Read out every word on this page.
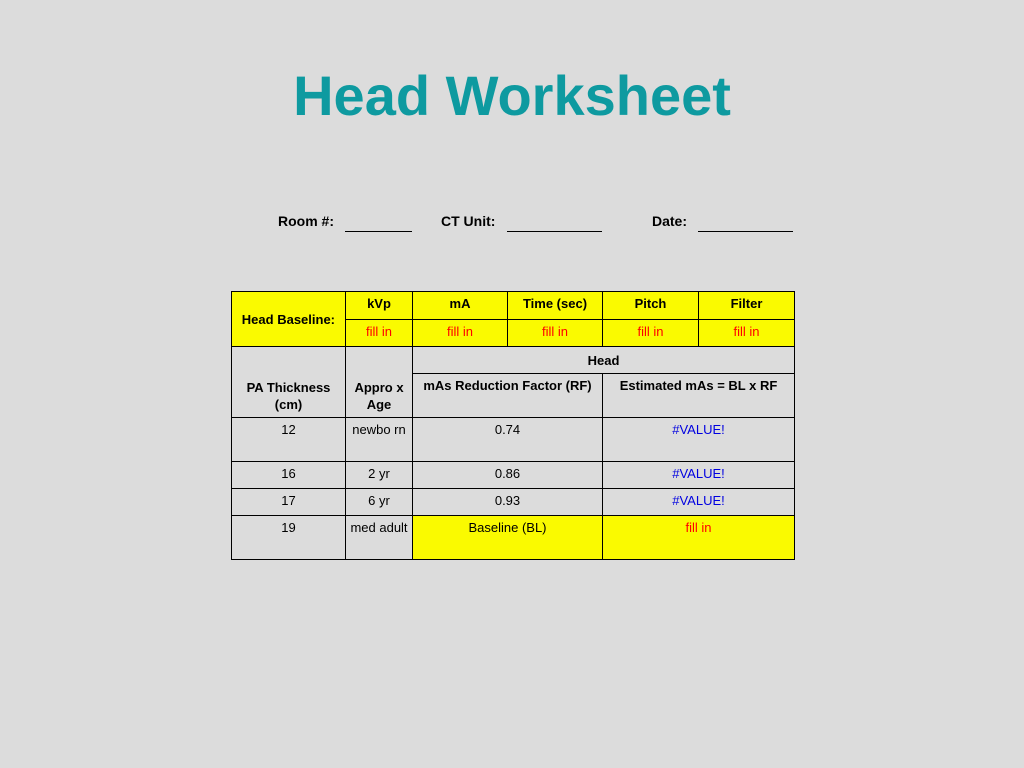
Head Worksheet
Room #:	CT Unit:	Date:
Head Baseline:	kVp	mA	Time (sec)	Pitch	Filter
	fill in	fill in	fill in	fill in	fill in
PA Thickness (cm)	Appro x Age	Head			
		mAs Reduction Factor (RF)		Estimated mAs = BL x RF	
12	newbo rn	0.74		#VALUE!	
16	2 yr	0.86		#VALUE!	
17	6 yr	0.93		#VALUE!	
19	med adult	Baseline (BL)		fill in	
